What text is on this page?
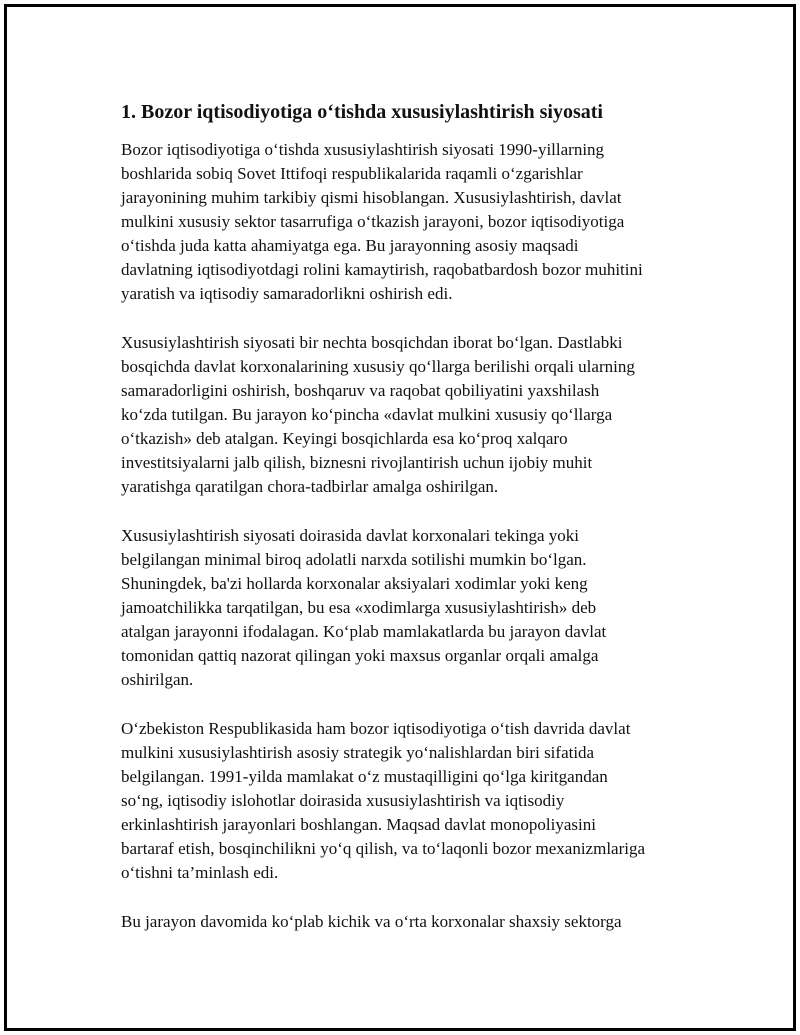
1. Bozor iqtisodiyotiga o‘tishda xususiylashtirish siyosati
Bozor iqtisodiyotiga o‘tishda xususiylashtirish siyosati 1990-yillarning
boshlarida sobiq Sovet Ittifoqi respublikalarida raqamli o‘zgarishlar
jarayonining muhim tarkibiy qismi hisoblangan. Xususiylashtirish, davlat
mulkini xususiy sektor tasarrufiga o‘tkazish jarayoni, bozor iqtisodiyotiga
o‘tishda juda katta ahamiyatga ega. Bu jarayonning asosiy maqsadi
davlatning iqtisodiyotdagi rolini kamaytirish, raqobatbardosh bozor muhitini
yaratish va iqtisodiy samaradorlikni oshirish edi.
Xususiylashtirish siyosati bir nechta bosqichdan iborat bo‘lgan. Dastlabki
bosqichda davlat korxonalarining xususiy qo‘llarga berilishi orqali ularning
samaradorligini oshirish, boshqaruv va raqobat qobiliyatini yaxshilash
ko‘zda tutilgan. Bu jarayon ko‘pincha «davlat mulkini xususiy qo‘llarga
o‘tkazish» deb atalgan. Keyingi bosqichlarda esa ko‘proq xalqaro
investitsiyalarni jalb qilish, biznesni rivojlantirish uchun ijobiy muhit
yaratishga qaratilgan chora-tadbirlar amalga oshirilgan.
Xususiylashtirish siyosati doirasida davlat korxonalari tekinga yoki
belgilangan minimal biroq adolatli narxda sotilishi mumkin bo‘lgan.
Shuningdek, ba'zi hollarda korxonalar aksiyalari xodimlar yoki keng
jamoatchilikka tarqatilgan, bu esa «xodimlarga xususiylashtirish» deb
atalgan jarayonni ifodalagan. Ko‘plab mamlakatlarda bu jarayon davlat
tomonidan qattiq nazorat qilingan yoki maxsus organlar orqali amalga
oshirilgan.
O‘zbekiston Respublikasida ham bozor iqtisodiyotiga o‘tish davrida davlat
mulkini xususiylashtirish asosiy strategik yo‘nalishlardan biri sifatida
belgilangan. 1991-yilda mamlakat o‘z mustaqilligini qo‘lga kiritgandan
so‘ng, iqtisodiy islohotlar doirasida xususiylashtirish va iqtisodiy
erkinlashtirish jarayonlari boshlangan. Maqsad davlat monopoliyasini
bartaraf etish, bosqinchilikni yo‘q qilish, va to‘laqonli bozor mexanizmlariga
o‘tishni ta’minlash edi.
Bu jarayon davomida ko‘plab kichik va o‘rta korxonalar shaxsiy sektorga
